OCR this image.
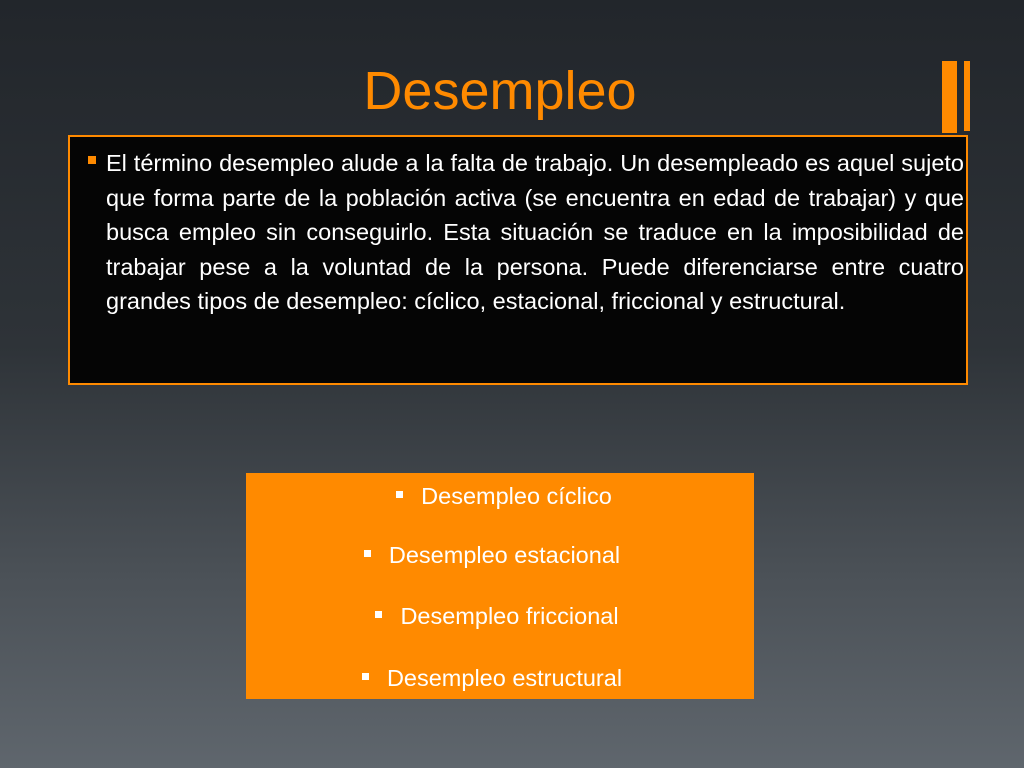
Desempleo

El término desempleo alude a la falta de trabajo. Un desempleado es aquel sujeto que forma parte de la población activa (se encuentra en edad de trabajar) y que busca empleo sin conseguirlo. Esta situación se traduce en la imposibilidad de trabajar pese a la voluntad de la persona. Puede diferenciarse entre cuatro grandes tipos de desempleo: cíclico, estacional, friccional y estructural.

Desempleo cíclico
Desempleo estacional
Desempleo friccional
Desempleo estructural
